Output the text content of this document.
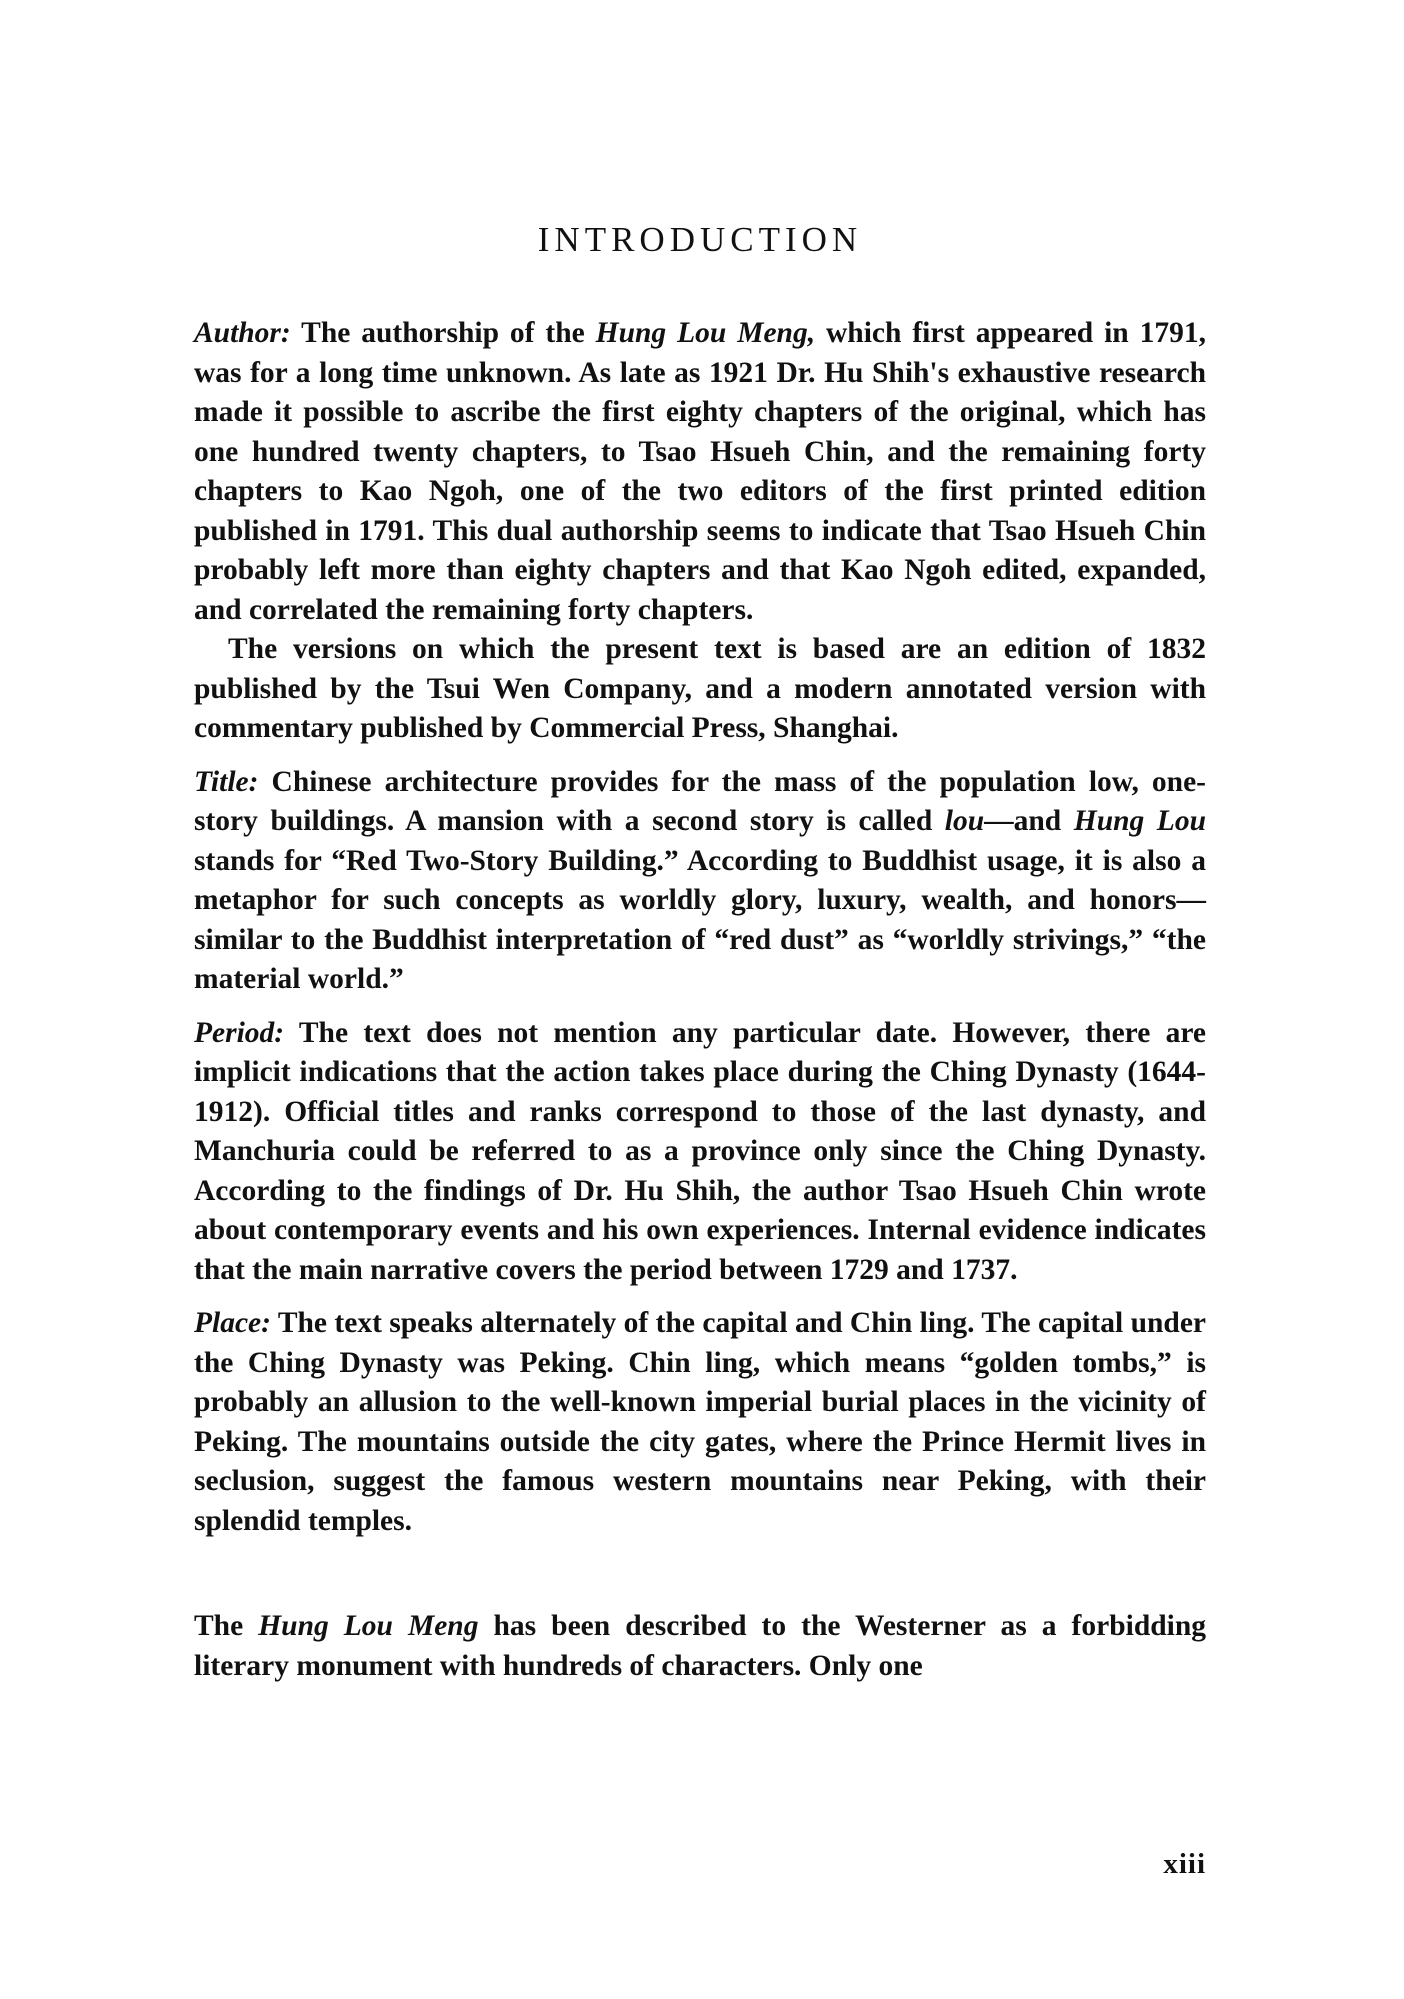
INTRODUCTION

Author: The authorship of the Hung Lou Meng, which first appeared in 1791, was for a long time unknown. As late as 1921 Dr. Hu Shih's exhaustive research made it possible to ascribe the first eighty chapters of the original, which has one hundred twenty chapters, to Tsao Hsueh Chin, and the remaining forty chapters to Kao Ngoh, one of the two editors of the first printed edition published in 1791. This dual authorship seems to indicate that Tsao Hsueh Chin probably left more than eighty chapters and that Kao Ngoh edited, expanded, and correlated the remaining forty chapters.

The versions on which the present text is based are an edition of 1832 published by the Tsui Wen Company, and a modern annotated version with commentary published by Commercial Press, Shanghai.

Title: Chinese architecture provides for the mass of the population low, one-story buildings. A mansion with a second story is called lou—and Hung Lou stands for “Red Two-Story Building.” According to Buddhist usage, it is also a metaphor for such concepts as worldly glory, luxury, wealth, and honors—similar to the Buddhist interpretation of “red dust” as “worldly strivings,” “the material world.”

Period: The text does not mention any particular date. However, there are implicit indications that the action takes place during the Ching Dynasty (1644-1912). Official titles and ranks correspond to those of the last dynasty, and Manchuria could be referred to as a province only since the Ching Dynasty. According to the findings of Dr. Hu Shih, the author Tsao Hsueh Chin wrote about contemporary events and his own experiences. Internal evidence indicates that the main narrative covers the period between 1729 and 1737.

Place: The text speaks alternately of the capital and Chin ling. The capital under the Ching Dynasty was Peking. Chin ling, which means “golden tombs,” is probably an allusion to the well-known imperial burial places in the vicinity of Peking. The mountains outside the city gates, where the Prince Hermit lives in seclusion, suggest the famous western mountains near Peking, with their splendid temples.

The Hung Lou Meng has been described to the Westerner as a forbidding literary monument with hundreds of characters. Only one

xiii
